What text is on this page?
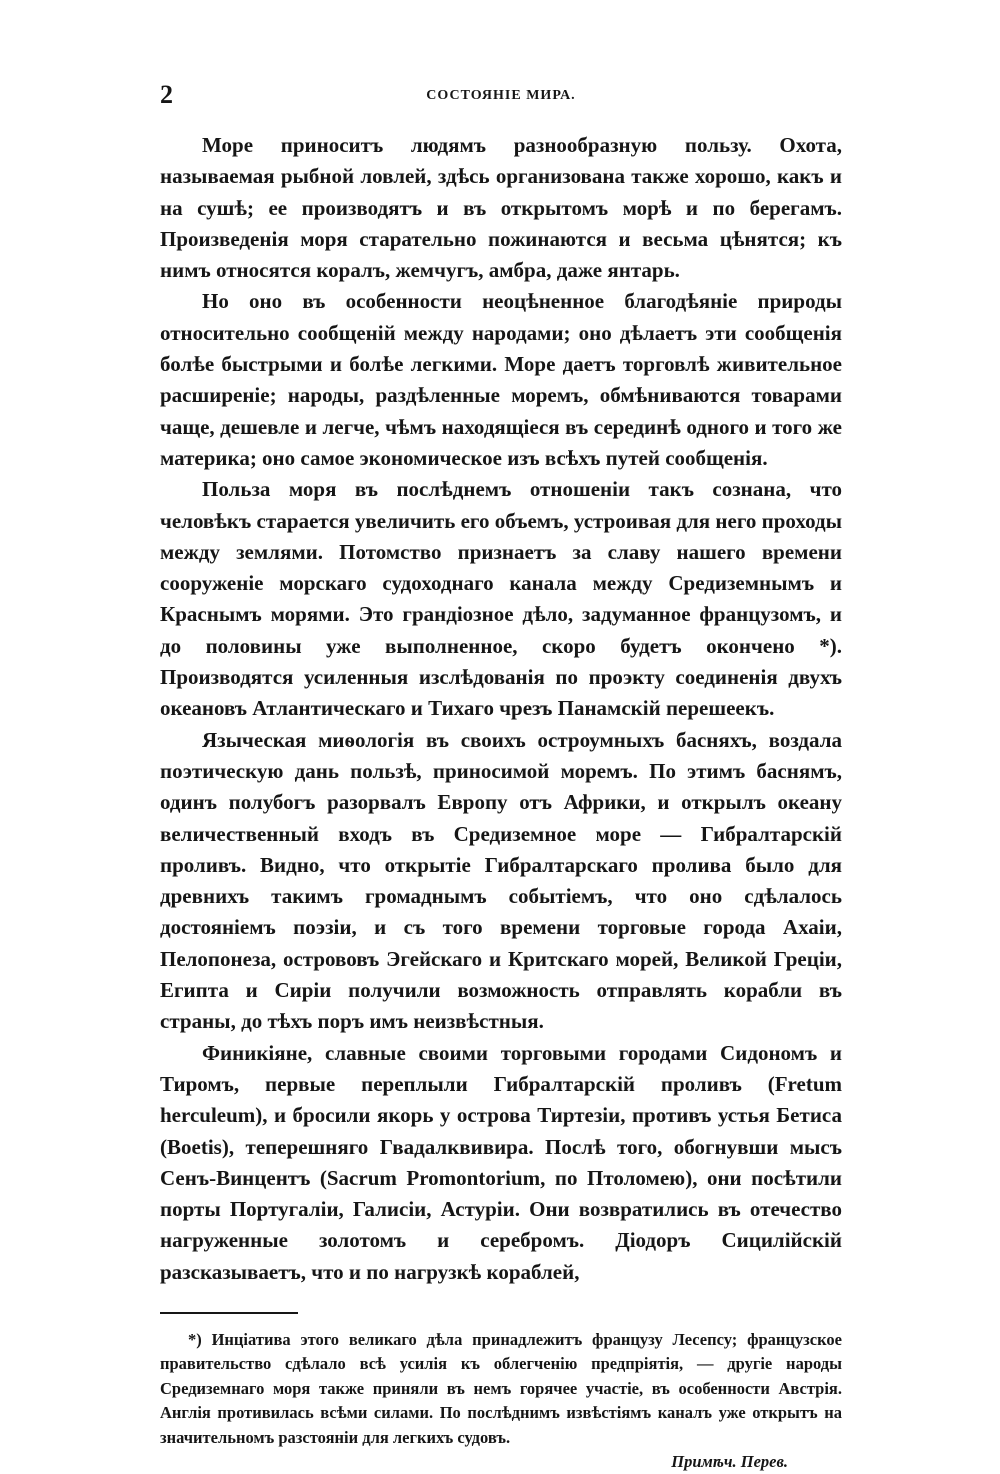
2	СОСТОЯНІЕ МИРА.

Море приноситъ людямъ разнообразную пользу. Охота, называемая рыбной ловлей, здѣсь организована также хорошо, какъ и на сушѣ; ее производятъ и въ открытомъ морѣ и по берегамъ. Произведенія моря старательно пожинаются и весьма цѣнятся; къ нимъ относятся коралъ, жемчугъ, амбра, даже янтарь.

Но оно въ особенности неоцѣненное благодѣяніе природы относительно сообщеній между народами; оно дѣлаетъ эти сообщенія болѣе быстрыми и болѣе легкими. Море даетъ торговлѣ живительное расширеніе; народы, раздѣленные моремъ, обмѣниваются товарами чаще, дешевле и легче, чѣмъ находящіеся въ серединѣ одного и того же материка; оно самое экономическое изъ всѣхъ путей сообщенія.

Польза моря въ послѣднемъ отношеніи такъ сознана, что человѣкъ старается увеличить его объемъ, устроивая для него проходы между землями. Потомство признаетъ за славу нашего времени сооруженіе морскаго судоходнаго канала между Средиземнымъ и Краснымъ морями. Это грандіозное дѣло, задуманное французомъ, и до половины уже выполненное, скоро будетъ окончено *). Производятся усиленныя изслѣдованія по проэкту соединенія двухъ океановъ Атлантическаго и Тихаго чрезъ Панамскій перешеекъ.

Языческая миѳологія въ своихъ остроумныхъ басняхъ, воздала поэтическую дань пользѣ, приносимой моремъ. По этимъ баснямъ, одинъ полубогъ разорвалъ Европу отъ Африки, и открылъ океану величественный входъ въ Средиземное море — Гибралтарскій проливъ. Видно, что открытіе Гибралтарскаго пролива было для древнихъ такимъ громаднымъ событіемъ, что оно сдѣлалось достояніемъ поэзіи, и съ того времени торговые города Ахаіи, Пелопонеза, острововъ Эгейскаго и Критскаго морей, Великой Греціи, Египта и Сиріи получили возможность отправлять корабли въ страны, до тѣхъ поръ имъ неизвѣстныя.

Финикіяне, славные своими торговыми городами Сидономъ и Тиромъ, первые переплыли Гибралтарскій проливъ (Fretum herculeum), и бросили якорь у острова Тиртезіи, противъ устья Бетиса (Boetis), теперешняго Гвадалквивира. Послѣ того, обогнувши мысъ Сенъ-Винцентъ (Sacrum Promontorium, по Птоломею), они посѣтили порты Португаліи, Галисіи, Астуріи. Они возвратились въ отечество нагруженные золотомъ и серебромъ. Діодоръ Сицилійскій разсказываетъ, что и по нагрузкѣ кораблей,

*) Инціатива этого великаго дѣла принадлежитъ французу Лесепсу; французское правительство сдѣлало всѣ усилія къ облегченію предпріятія, — другіе народы Средиземнаго моря также приняли въ немъ горячее участіе, въ особенности Австрія. Англія противилась всѣми силами. По послѣднимъ извѣстіямъ каналъ уже открытъ на значительномъ разстояніи для легкихъ судовъ.

Примѣч. Перев.
